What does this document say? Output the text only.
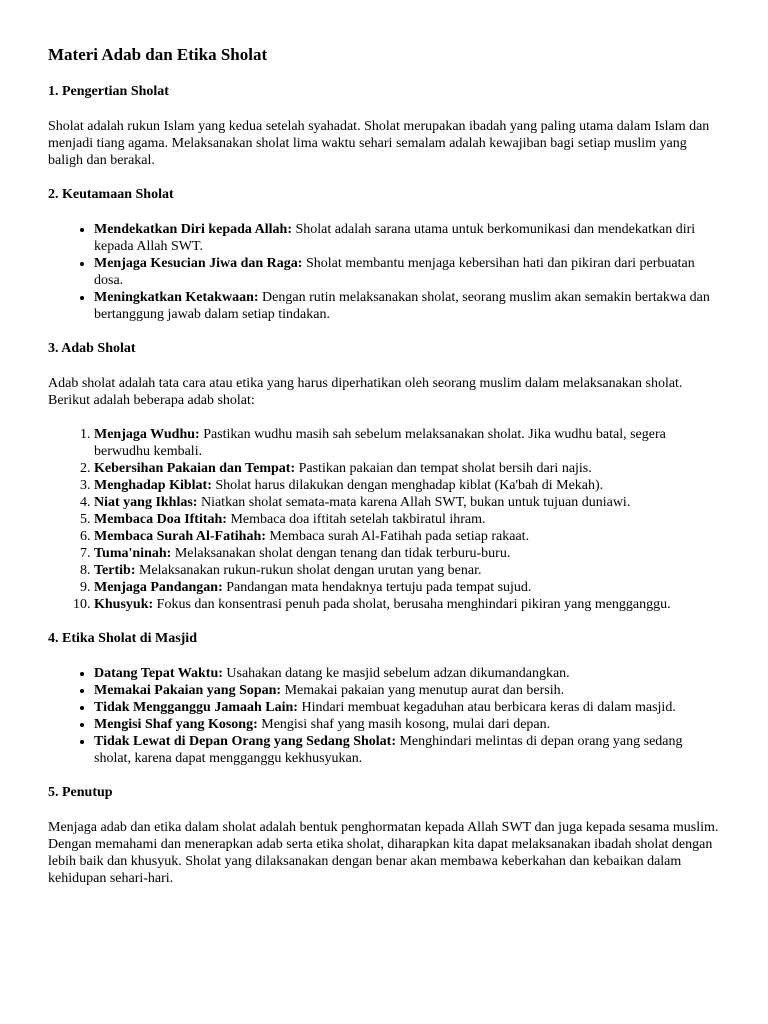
Materi Adab dan Etika Sholat
1. Pengertian Sholat

Sholat adalah rukun Islam yang kedua setelah syahadat. Sholat merupakan ibadah yang paling utama dalam Islam dan menjadi tiang agama. Melaksanakan sholat lima waktu sehari semalam adalah kewajiban bagi setiap muslim yang baligh dan berakal.

2. Keutamaan Sholat
• Mendekatkan Diri kepada Allah: Sholat adalah sarana utama untuk berkomunikasi dan mendekatkan diri kepada Allah SWT.
• Menjaga Kesucian Jiwa dan Raga: Sholat membantu menjaga kebersihan hati dan pikiran dari perbuatan dosa.
• Meningkatkan Ketakwaan: Dengan rutin melaksanakan sholat, seorang muslim akan semakin bertakwa dan bertanggung jawab dalam setiap tindakan.
3. Adab Sholat

Adab sholat adalah tata cara atau etika yang harus diperhatikan oleh seorang muslim dalam melaksanakan sholat. Berikut adalah beberapa adab sholat:

1. Menjaga Wudhu: Pastikan wudhu masih sah sebelum melaksanakan sholat. Jika wudhu batal, segera berwudhu kembali.
2. Kebersihan Pakaian dan Tempat: Pastikan pakaian dan tempat sholat bersih dari najis.
3. Menghadap Kiblat: Sholat harus dilakukan dengan menghadap kiblat (Ka'bah di Mekah).
4. Niat yang Ikhlas: Niatkan sholat semata-mata karena Allah SWT, bukan untuk tujuan duniawi.
5. Membaca Doa Iftitah: Membaca doa iftitah setelah takbiratul ihram.
6. Membaca Surah Al-Fatihah: Membaca surah Al-Fatihah pada setiap rakaat.
7. Tuma'ninah: Melaksanakan sholat dengan tenang dan tidak terburu-buru.
8. Tertib: Melaksanakan rukun-rukun sholat dengan urutan yang benar.
9. Menjaga Pandangan: Pandangan mata hendaknya tertuju pada tempat sujud.
10. Khusyuk: Fokus dan konsentrasi penuh pada sholat, berusaha menghindari pikiran yang mengganggu.
4. Etika Sholat di Masjid
• Datang Tepat Waktu: Usahakan datang ke masjid sebelum adzan dikumandangkan.
• Memakai Pakaian yang Sopan: Memakai pakaian yang menutup aurat dan bersih.
• Tidak Mengganggu Jamaah Lain: Hindari membuat kegaduhan atau berbicara keras di dalam masjid.
• Mengisi Shaf yang Kosong: Mengisi shaf yang masih kosong, mulai dari depan.
• Tidak Lewat di Depan Orang yang Sedang Sholat: Menghindari melintas di depan orang yang sedang sholat, karena dapat mengganggu kekhusyukan.
5. Penutup

Menjaga adab dan etika dalam sholat adalah bentuk penghormatan kepada Allah SWT dan juga kepada sesama muslim. Dengan memahami dan menerapkan adab serta etika sholat, diharapkan kita dapat melaksanakan ibadah sholat dengan lebih baik dan khusyuk. Sholat yang dilaksanakan dengan benar akan membawa keberkahan dan kebaikan dalam kehidupan sehari-hari.
